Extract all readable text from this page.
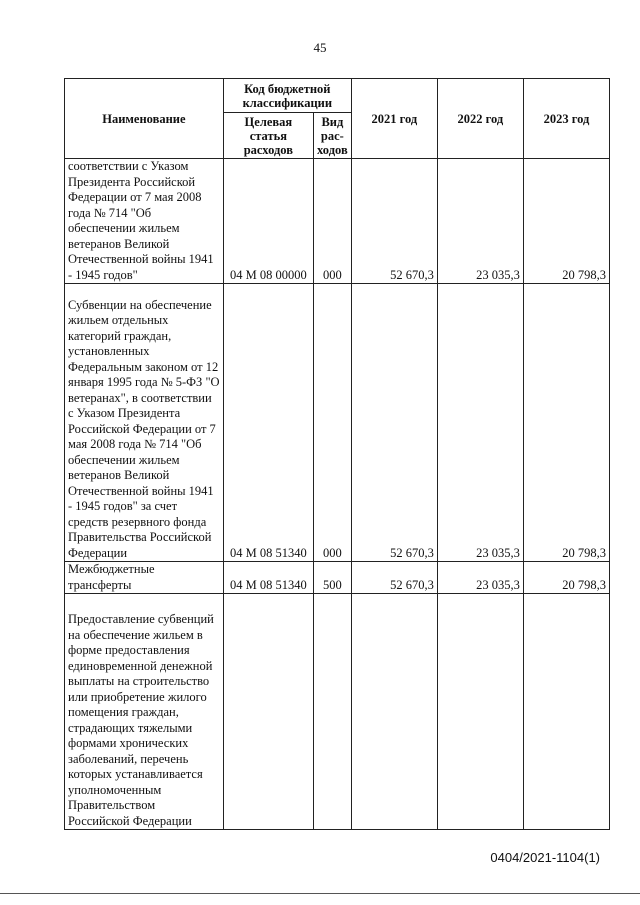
45
Наименование	Код бюджетной классификации		2021 год	2022 год	2023 год
	Целевая статья расходов	Вид рас-ходов			
соответствии с Указом Президента Российской Федерации от 7 мая 2008 года № 714 "Об обеспечении жильем ветеранов Великой Отечественной войны 1941 - 1945 годов"	04 М 08 00000	000	52 670,3	23 035,3	20 798,3
Субвенции на обеспечение жильем отдельных категорий граждан, установленных Федеральным законом от 12 января 1995 года № 5-ФЗ "О ветеранах", в соответствии с Указом Президента Российской Федерации от 7 мая 2008 года № 714 "Об обеспечении жильем ветеранов Великой Отечественной войны 1941 - 1945 годов" за счет средств резервного фонда Правительства Российской Федерации	04 М 08 51340	000	52 670,3	23 035,3	20 798,3
Межбюджетные трансферты	04 М 08 51340	500	52 670,3	23 035,3	20 798,3
Предоставление субвенций на обеспечение жильем в форме предоставления единовременной денежной выплаты на строительство или приобретение жилого помещения граждан, страдающих тяжелыми формами хронических заболеваний, перечень которых устанавливается уполномоченным Правительством Российской Федерации					
0404/2021-1104(1)
